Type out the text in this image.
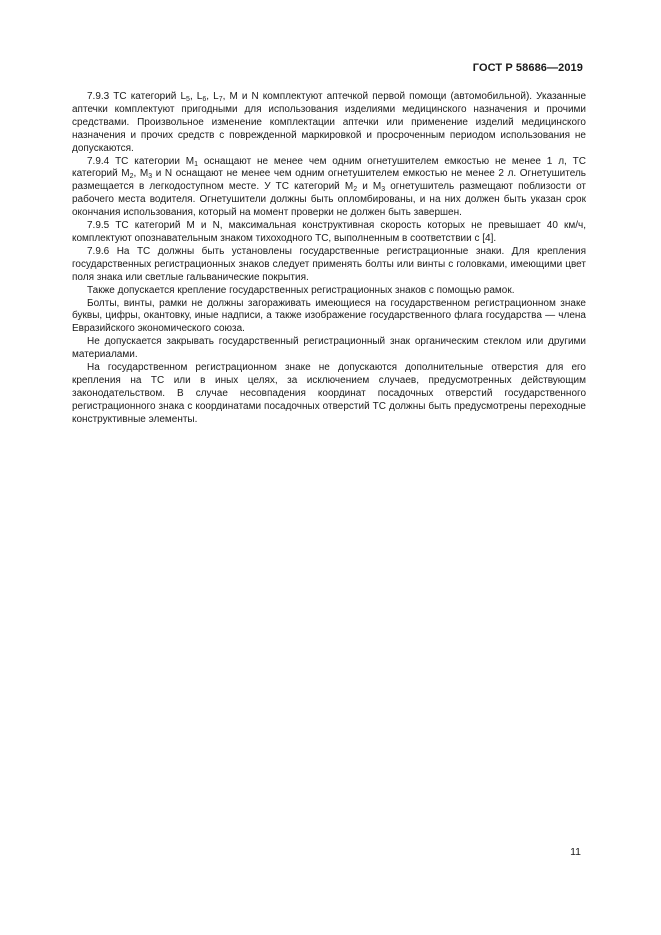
ГОСТ Р 58686—2019

7.9.3 ТС категорий $L_5$, $L_6$, $L_7$, М и N комплектуют аптечкой первой помощи (автомобильной). Указанные аптечки комплектуют пригодными для использования изделиями медицинского назначения и прочими средствами. Произвольное изменение комплектации аптечки или применение изделий медицинского назначения и прочих средств с поврежденной маркировкой и просроченным периодом использования не допускаются.

7.9.4 ТС категории $М_1$ оснащают не менее чем одним огнетушителем емкостью не менее 1 л, ТС категорий $М_2$, $М_3$ и N оснащают не менее чем одним огнетушителем емкостью не менее 2 л. Огнетушитель размещается в легкодоступном месте. У ТС категорий $М_2$ и $М_3$ огнетушитель размещают поблизости от рабочего места водителя. Огнетушители должны быть опломбированы, и на них должен быть указан срок окончания использования, который на момент проверки не должен быть завершен.

7.9.5 ТС категорий М и N, максимальная конструктивная скорость которых не превышает 40 км/ч, комплектуют опознавательным знаком тихоходного ТС, выполненным в соответствии с [4].

7.9.6 На ТС должны быть установлены государственные регистрационные знаки. Для крепления государственных регистрационных знаков следует применять болты или винты с головками, имеющими цвет поля знака или светлые гальванические покрытия.

Также допускается крепление государственных регистрационных знаков с помощью рамок.

Болты, винты, рамки не должны загораживать имеющиеся на государственном регистрационном знаке буквы, цифры, окантовку, иные надписи, а также изображение государственного флага государства — члена Евразийского экономического союза.

Не допускается закрывать государственный регистрационный знак органическим стеклом или другими материалами.

На государственном регистрационном знаке не допускаются дополнительные отверстия для его крепления на ТС или в иных целях, за исключением случаев, предусмотренных действующим законодательством. В случае несовпадения координат посадочных отверстий государственного регистрационного знака с координатами посадочных отверстий ТС должны быть предусмотрены переходные конструктивные элементы.

11
